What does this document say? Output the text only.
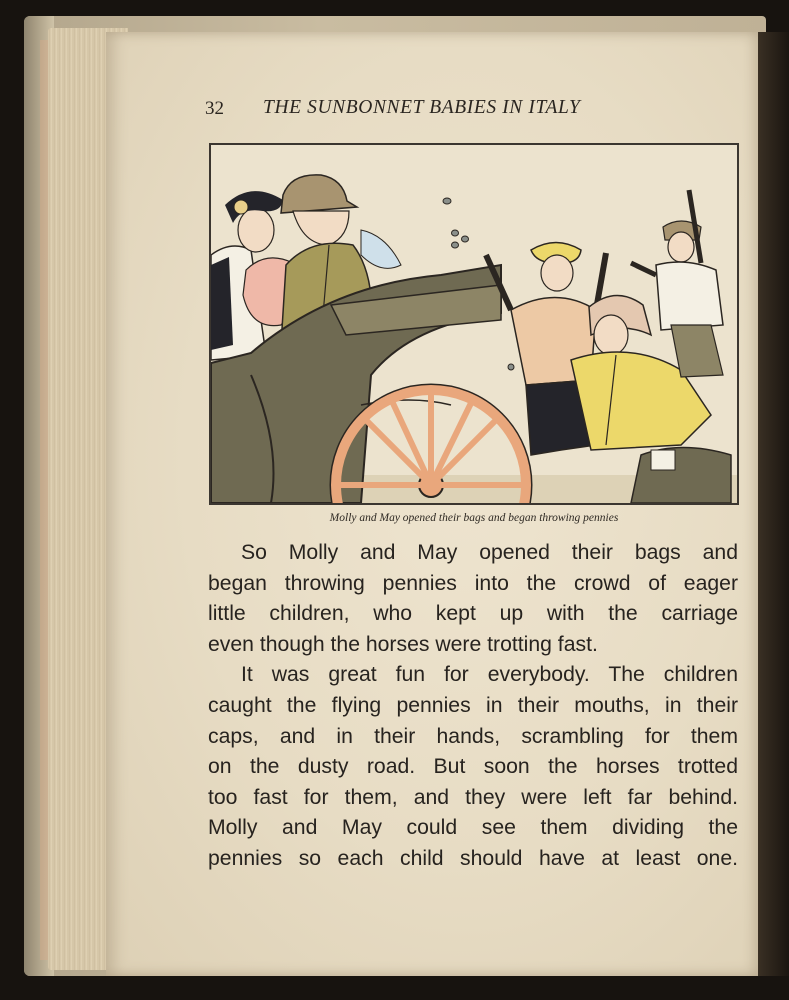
32 THE SUNBONNET BABIES IN ITALY
Molly and May opened their bags and began throwing pennies
So Molly and May opened their bags and
began throwing pennies into the crowd of eager
little children, who kept up with the carriage
even though the horses were trotting fast.
It was great fun for everybody. The children
caught the flying pennies in their mouths, in their
caps, and in their hands, scrambling for them
on the dusty road. But soon the horses trotted
too fast for them, and they were left far behind.
Molly and May could see them dividing the
pennies so each child should have at least one.
